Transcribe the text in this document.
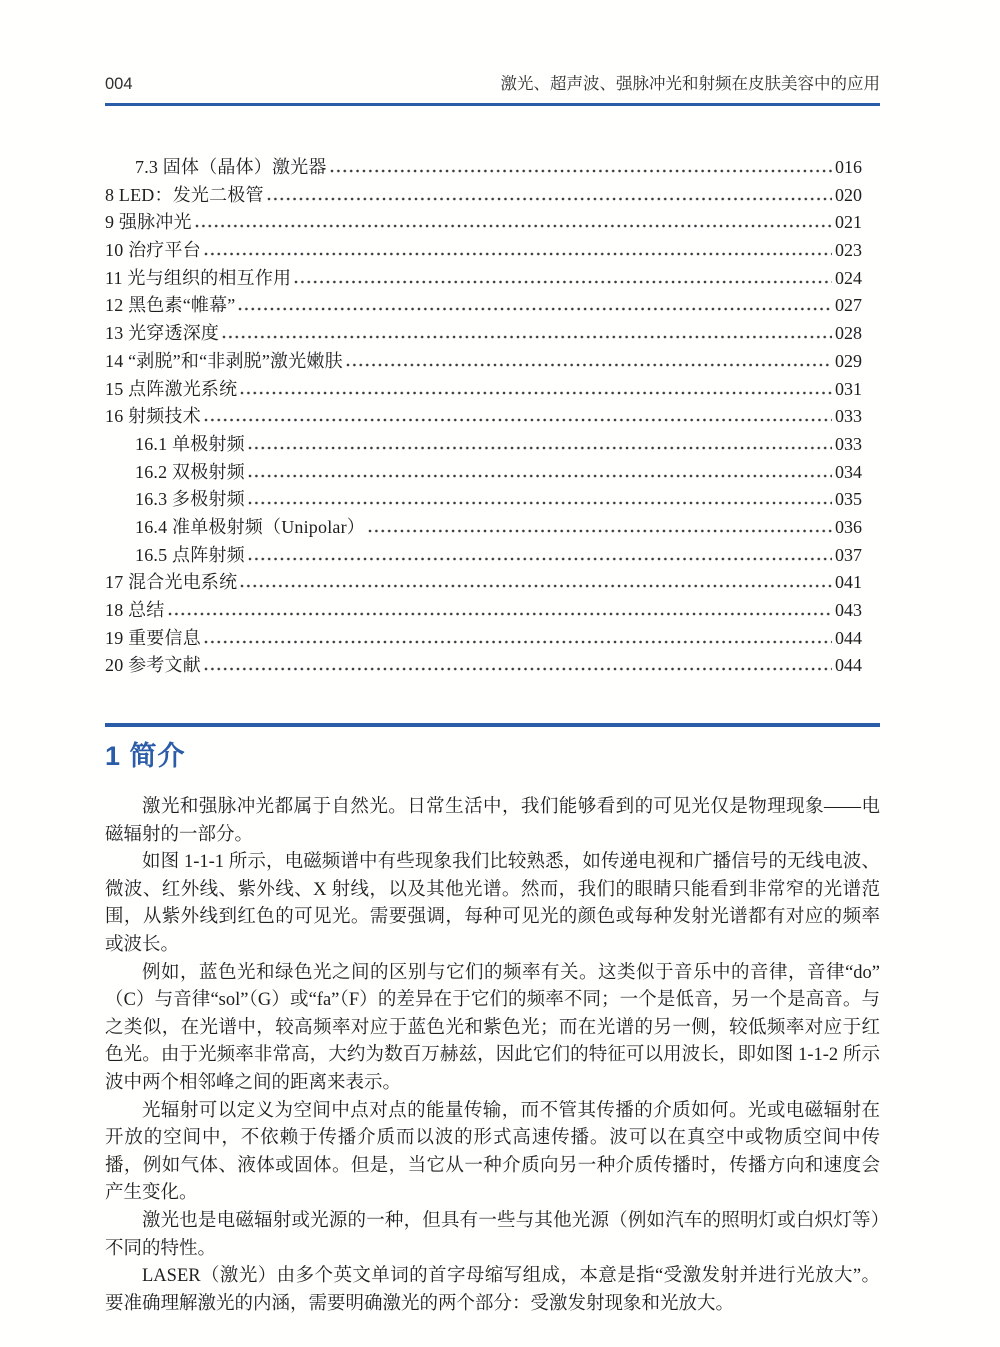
004	激光、超声波、强脉冲光和射频在皮肤美容中的应用
7.3 固体（晶体）激光器	016
8 LED：发光二极管	020
9 强脉冲光	021
10 治疗平台	023
11 光与组织的相互作用	024
12 黑色素“帷幕”	027
13 光穿透深度	028
14 “剥脱”和“非剥脱”激光嫩肤	029
15 点阵激光系统	031
16 射频技术	033
16.1 单极射频	033
16.2 双极射频	034
16.3 多极射频	035
16.4 准单极射频（Unipolar）	036
16.5 点阵射频	037
17 混合光电系统	041
18 总结	043
19 重要信息	044
20 参考文献	044
1 简介

激光和强脉冲光都属于自然光。日常生活中，我们能够看到的可见光仅是物理现象——电磁辐射的一部分。

如图 1-1-1 所示，电磁频谱中有些现象我们比较熟悉，如传递电视和广播信号的无线电波、微波、红外线、紫外线、X 射线，以及其他光谱。然而，我们的眼睛只能看到非常窄的光谱范围，从紫外线到红色的可见光。需要强调，每种可见光的颜色或每种发射光谱都有对应的频率或波长。

例如，蓝色光和绿色光之间的区别与它们的频率有关。这类似于音乐中的音律，音律“do”（C）与音律“sol”（G）或“fa”（F）的差异在于它们的频率不同；一个是低音，另一个是高音。与之类似，在光谱中，较高频率对应于蓝色光和紫色光；而在光谱的另一侧，较低频率对应于红色光。由于光频率非常高，大约为数百万赫兹，因此它们的特征可以用波长，即如图 1-1-2 所示波中两个相邻峰之间的距离来表示。

光辐射可以定义为空间中点对点的能量传输，而不管其传播的介质如何。光或电磁辐射在开放的空间中，不依赖于传播介质而以波的形式高速传播。波可以在真空中或物质空间中传播，例如气体、液体或固体。但是，当它从一种介质向另一种介质传播时，传播方向和速度会产生变化。

激光也是电磁辐射或光源的一种，但具有一些与其他光源（例如汽车的照明灯或白炽灯等）不同的特性。

LASER（激光）由多个英文单词的首字母缩写组成，本意是指“受激发射并进行光放大”。要准确理解激光的内涵，需要明确激光的两个部分：受激发射现象和光放大。
